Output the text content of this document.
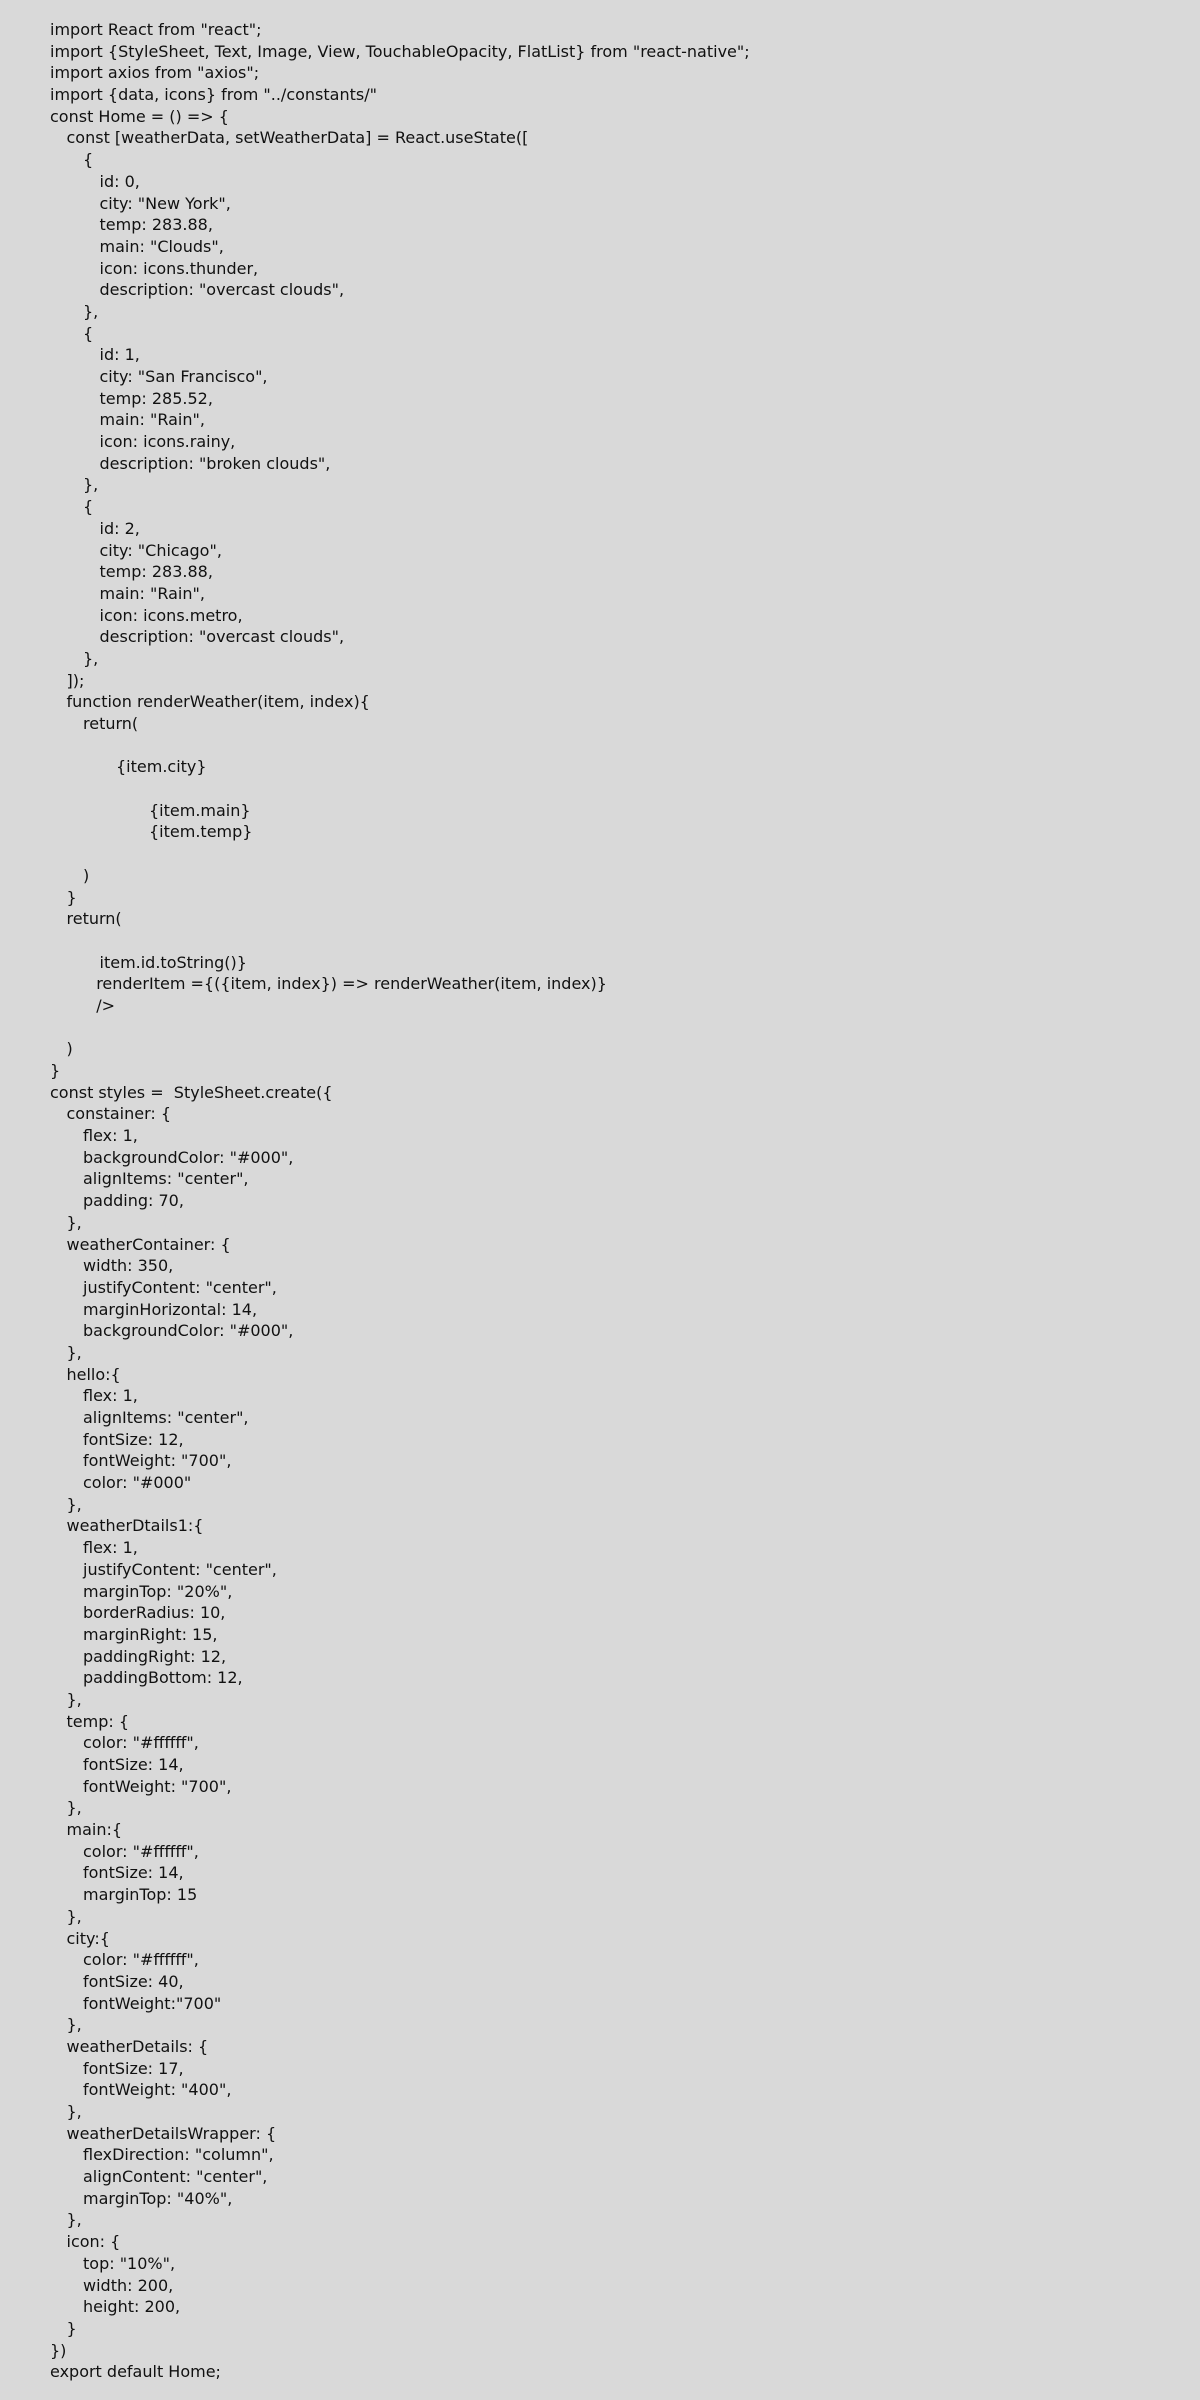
import React from "react";
import {StyleSheet, Text, Image, View, TouchableOpacity, FlatList} from "react-native";
import axios from "axios";
import {data, icons} from "../constants/"
const Home = () => {
const [weatherData, setWeatherData] = React.useState([
{
id: 0,
city: "New York",
temp: 283.88,
main: "Clouds",
icon: icons.thunder,
description: "overcast clouds",
},
{
id: 1,
city: "San Francisco",
temp: 285.52,
main: "Rain",
icon: icons.rainy,
description: "broken clouds",
},
{
id: 2,
city: "Chicago",
temp: 283.88,
main: "Rain",
icon: icons.metro,
description: "overcast clouds",
},
]);
function renderWeather(item, index){
return(
{item.city}
{item.main}
{item.temp}
)
}
return(
item.id.toString()}
renderItem ={({item, index}) => renderWeather(item, index)}
/>
)
}
const styles =  StyleSheet.create({
constainer: {
flex: 1,
backgroundColor: "#000",
alignItems: "center",
padding: 70,
},
weatherContainer: {
width: 350,
justifyContent: "center",
marginHorizontal: 14,
backgroundColor: "#000",
},
hello:{
flex: 1,
alignItems: "center",
fontSize: 12,
fontWeight: "700",
color: "#000"
},
weatherDtails1:{
flex: 1,
justifyContent: "center",
marginTop: "20%",
borderRadius: 10,
marginRight: 15,
paddingRight: 12,
paddingBottom: 12,
},
temp: {
color: "#ffffff",
fontSize: 14,
fontWeight: "700",
},
main:{
color: "#ffffff",
fontSize: 14,
marginTop: 15
},
city:{
color: "#ffffff",
fontSize: 40,
fontWeight:"700"
},
weatherDetails: {
fontSize: 17,
fontWeight: "400",
},
weatherDetailsWrapper: {
flexDirection: "column",
alignContent: "center",
marginTop: "40%",
},
icon: {
top: "10%",
width: 200,
height: 200,
}
})
export default Home;
